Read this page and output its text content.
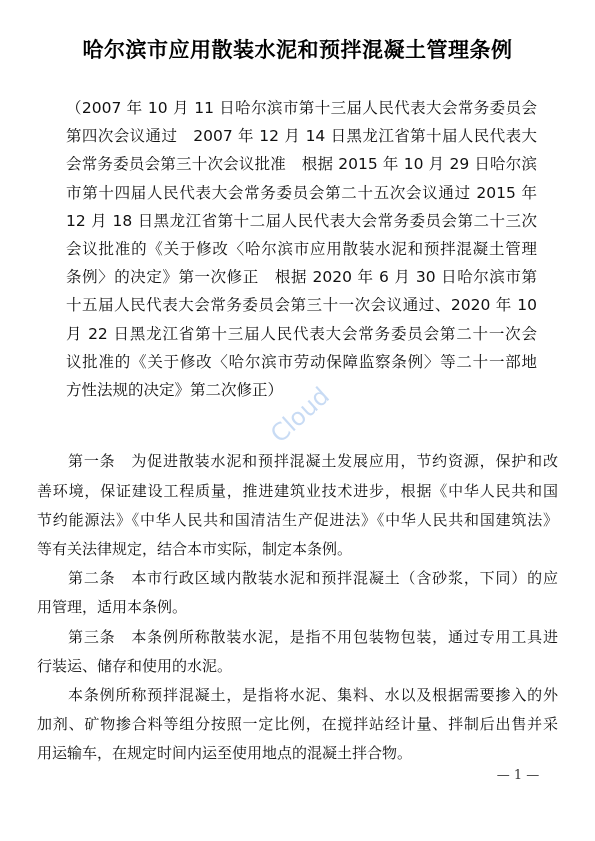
哈尔滨市应用散装水泥和预拌混凝土管理条例
（2007 年 10 月 11 日哈尔滨市第十三届人民代表大会常务委员会
第四次会议通过　2007 年 12 月 14 日黑龙江省第十届人民代表大
会常务委员会第三十次会议批准　根据 2015 年 10 月 29 日哈尔滨
市第十四届人民代表大会常务委员会第二十五次会议通过 2015 年
12 月 18 日黑龙江省第十二届人民代表大会常务委员会第二十三次
会议批准的《关于修改〈哈尔滨市应用散装水泥和预拌混凝土管理
条例〉的决定》第一次修正　根据 2020 年 6 月 30 日哈尔滨市第
十五届人民代表大会常务委员会第三十一次会议通过、2020 年 10
月 22 日黑龙江省第十三届人民代表大会常务委员会第二十一次会
议批准的《关于修改〈哈尔滨市劳动保障监察条例〉等二十一部地
方性法规的决定》第二次修正）
Cloud
第一条　为促进散装水泥和预拌混凝土发展应用，节约资源，保护和改
善环境，保证建设工程质量，推进建筑业技术进步，根据《中华人民共和国
节约能源法》《中华人民共和国清洁生产促进法》《中华人民共和国建筑法》
等有关法律规定，结合本市实际，制定本条例。
第二条　本市行政区域内散装水泥和预拌混凝土（含砂浆，下同）的应
用管理，适用本条例。
第三条　本条例所称散装水泥，是指不用包装物包装，通过专用工具进
行装运、储存和使用的水泥。
本条例所称预拌混凝土，是指将水泥、集料、水以及根据需要掺入的外
加剂、矿物掺合料等组分按照一定比例，在搅拌站经计量、拌制后出售并采
用运输车，在规定时间内运至使用地点的混凝土拌合物。
— 1 —
